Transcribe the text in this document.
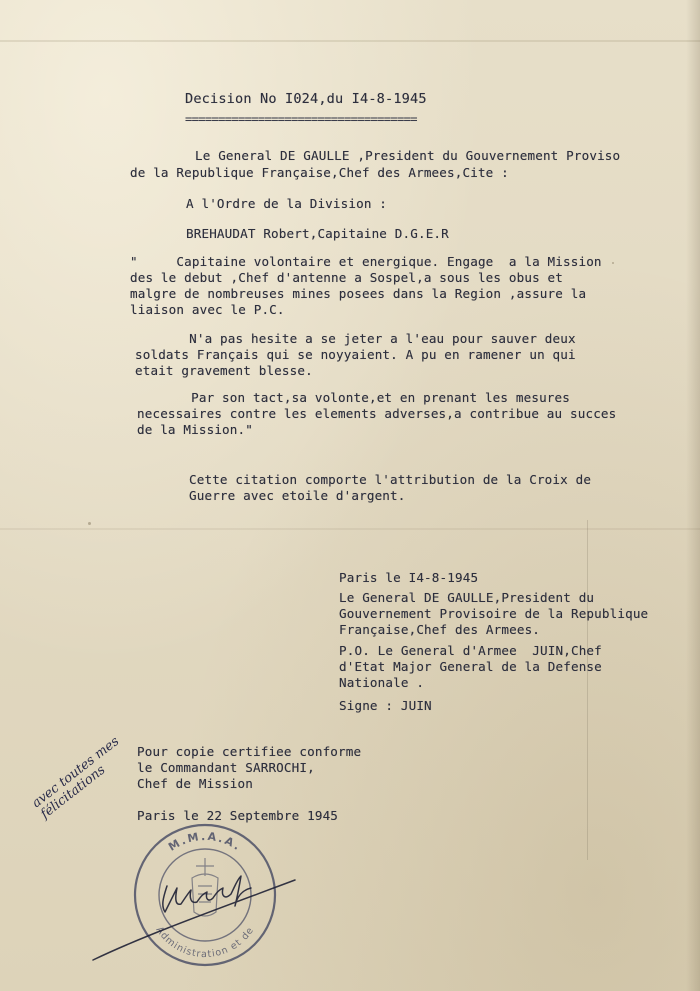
Decision No I024,du I4-8-1945
===================================
Le General DE GAULLE ,President du Gouvernement Proviso
de la Republique Française,Chef des Armees,Cite :
A l'Ordre de la Division :
BREHAUDAT Robert,Capitaine D.G.E.R
"     Capitaine volontaire et energique. Engage  a la Mission
des le debut ,Chef d'antenne a Sospel,a sous les obus et
malgre de nombreuses mines posees dans la Region ,assure la
liaison avec le P.C.
N'a pas hesite a se jeter a l'eau pour sauver deux
soldats Français qui se noyyaient. A pu en ramener un qui
etait gravement blesse.
Par son tact,sa volonte,et en prenant les mesures
necessaires contre les elements adverses,a contribue au succes
de la Mission."
Cette citation comporte l'attribution de la Croix de
Guerre avec etoile d'argent.
Paris le I4-8-1945
Le General DE GAULLE,President du
Gouvernement Provisoire de la Republique
Française,Chef des Armees.
P.O. Le General d'Armee  JUIN,Chef
d'Etat Major General de la Defense
Nationale .
Signe : JUIN
Pour copie certifiee conforme
le Commandant SARROCHI,
Chef de Mission
Paris le 22 Septembre 1945
M.M.A.A.
Administration et de
avec toutes mes
félicitations
